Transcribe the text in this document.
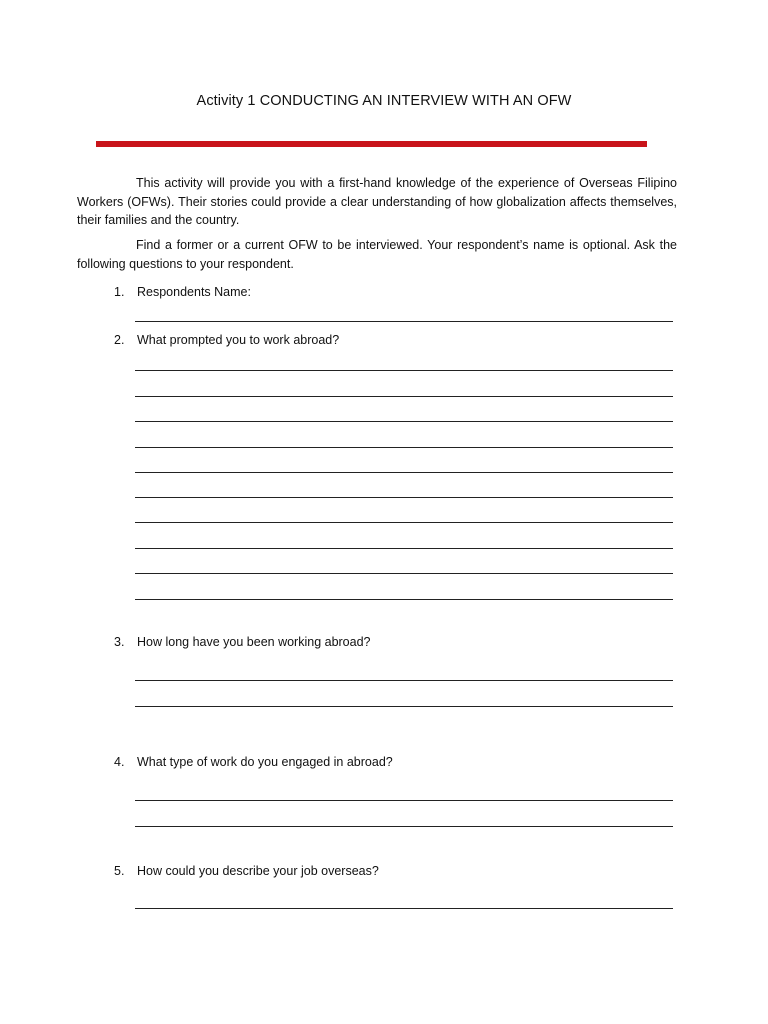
Activity 1 CONDUCTING AN INTERVIEW WITH AN OFW

This activity will provide you with a first-hand knowledge of the experience of Overseas Filipino Workers (OFWs). Their stories could provide a clear understanding of how globalization affects themselves, their families and the country.

Find a former or a current OFW to be interviewed. Your respondent’s name is optional. Ask the following questions to your respondent.

1. Respondents Name:
2. What prompted you to work abroad?
3. How long have you been working abroad?
4. What type of work do you engaged in abroad?
5. How could you describe your job overseas?
